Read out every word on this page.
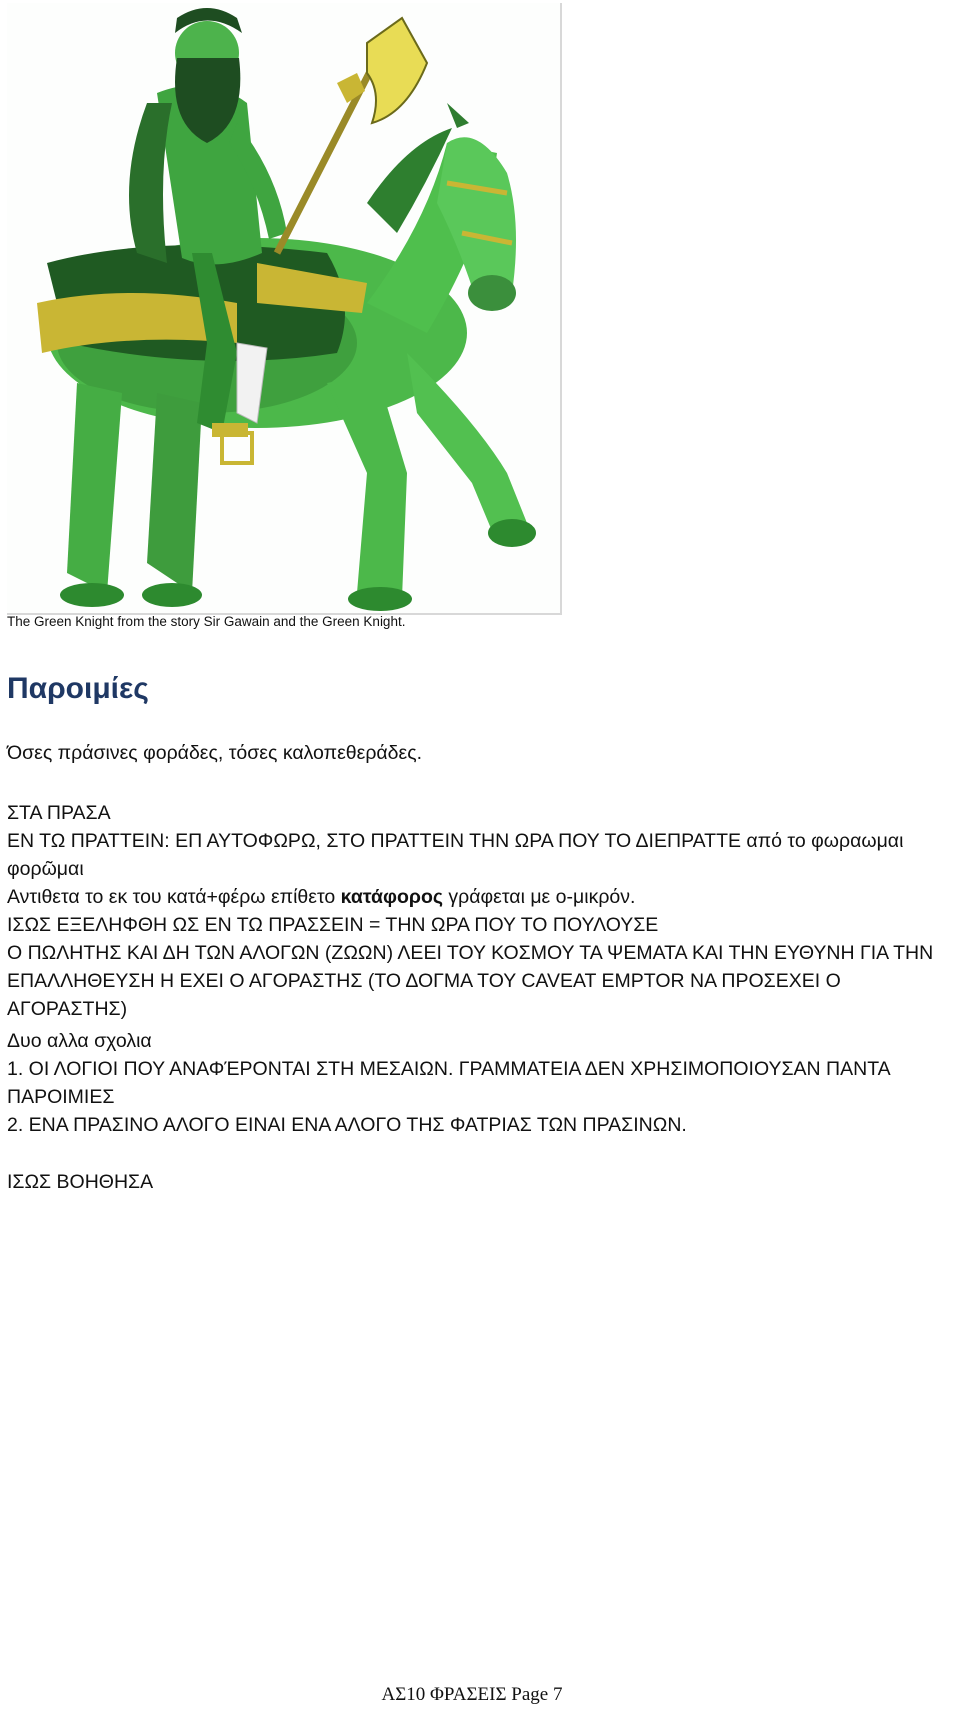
The Green Knight from the story Sir Gawain and the Green Knight.
Παροιμίες

Όσες πράσινες φοράδες, τόσες καλοπεθεράδες.

ΣΤΑ ΠΡΑΣΑ

ΕΝ ΤΩ ΠΡΑΤΤΕΙΝ: ΕΠ ΑΥΤΟΦΩΡΩ, ΣΤΟ ΠΡΑΤΤΕΙΝ ΤΗΝ ΩΡΑ ΠΟΥ ΤΟ ΔΙΕΠΡΑΤΤΕ από το φωραωμαι φορῶμαι

Αντιθετα το εκ του κατά+φέρω επίθετο κατάφορος γράφεται με ο-μικρόν.

ΙΣΩΣ ΕΞΕΛΗΦΘΗ ΩΣ ΕΝ ΤΩ ΠΡΑΣΣΕΙΝ = ΤΗΝ ΩΡΑ ΠΟΥ ΤΟ ΠΟΥΛΟΥΣΕ

Ο ΠΩΛΗΤΗΣ ΚΑΙ ΔΗ ΤΩΝ ΑΛΟΓΩΝ (ΖΩΩΝ) ΛΕΕΙ ΤΟΥ ΚΟΣΜΟΥ ΤΑ ΨΕΜΑΤΑ ΚΑΙ ΤΗΝ ΕΥΘΥΝΗ ΓΙΑ ΤΗΝ ΕΠΑΛΛΗΘΕΥΣΗ Η ΕΧΕΙ Ο ΑΓΟΡΑΣΤΗΣ (ΤΟ ΔΟΓΜΑ ΤΟΥ CAVEAT EMPTOR ΝΑ ΠΡΟΣΕΧΕΙ Ο ΑΓΟΡΑΣΤΗΣ)

Δυο αλλα σχολια

1. ΟΙ ΛΟΓΙΟΙ ΠΟΥ ΑΝΑΦΈΡΟΝΤΑΙ ΣΤΗ ΜΕΣΑΙΩΝ. ΓΡΑΜΜΑΤΕΙΑ ΔΕΝ ΧΡΗΣΙΜΟΠΟΙΟΥΣΑΝ ΠΑΝΤΑ ΠΑΡΟΙΜΙΕΣ

2. ΕΝΑ ΠΡΑΣΙΝΟ ΑΛΟΓΟ ΕΙΝΑΙ ΕΝΑ ΑΛΟΓΟ ΤΗΣ ΦΑΤΡΙΑΣ ΤΩΝ ΠΡΑΣΙΝΩΝ.

ΙΣΩΣ ΒΟΗΘΗΣΑ

ΑΣ10 ΦΡΑΣΕΙΣ Page 7
